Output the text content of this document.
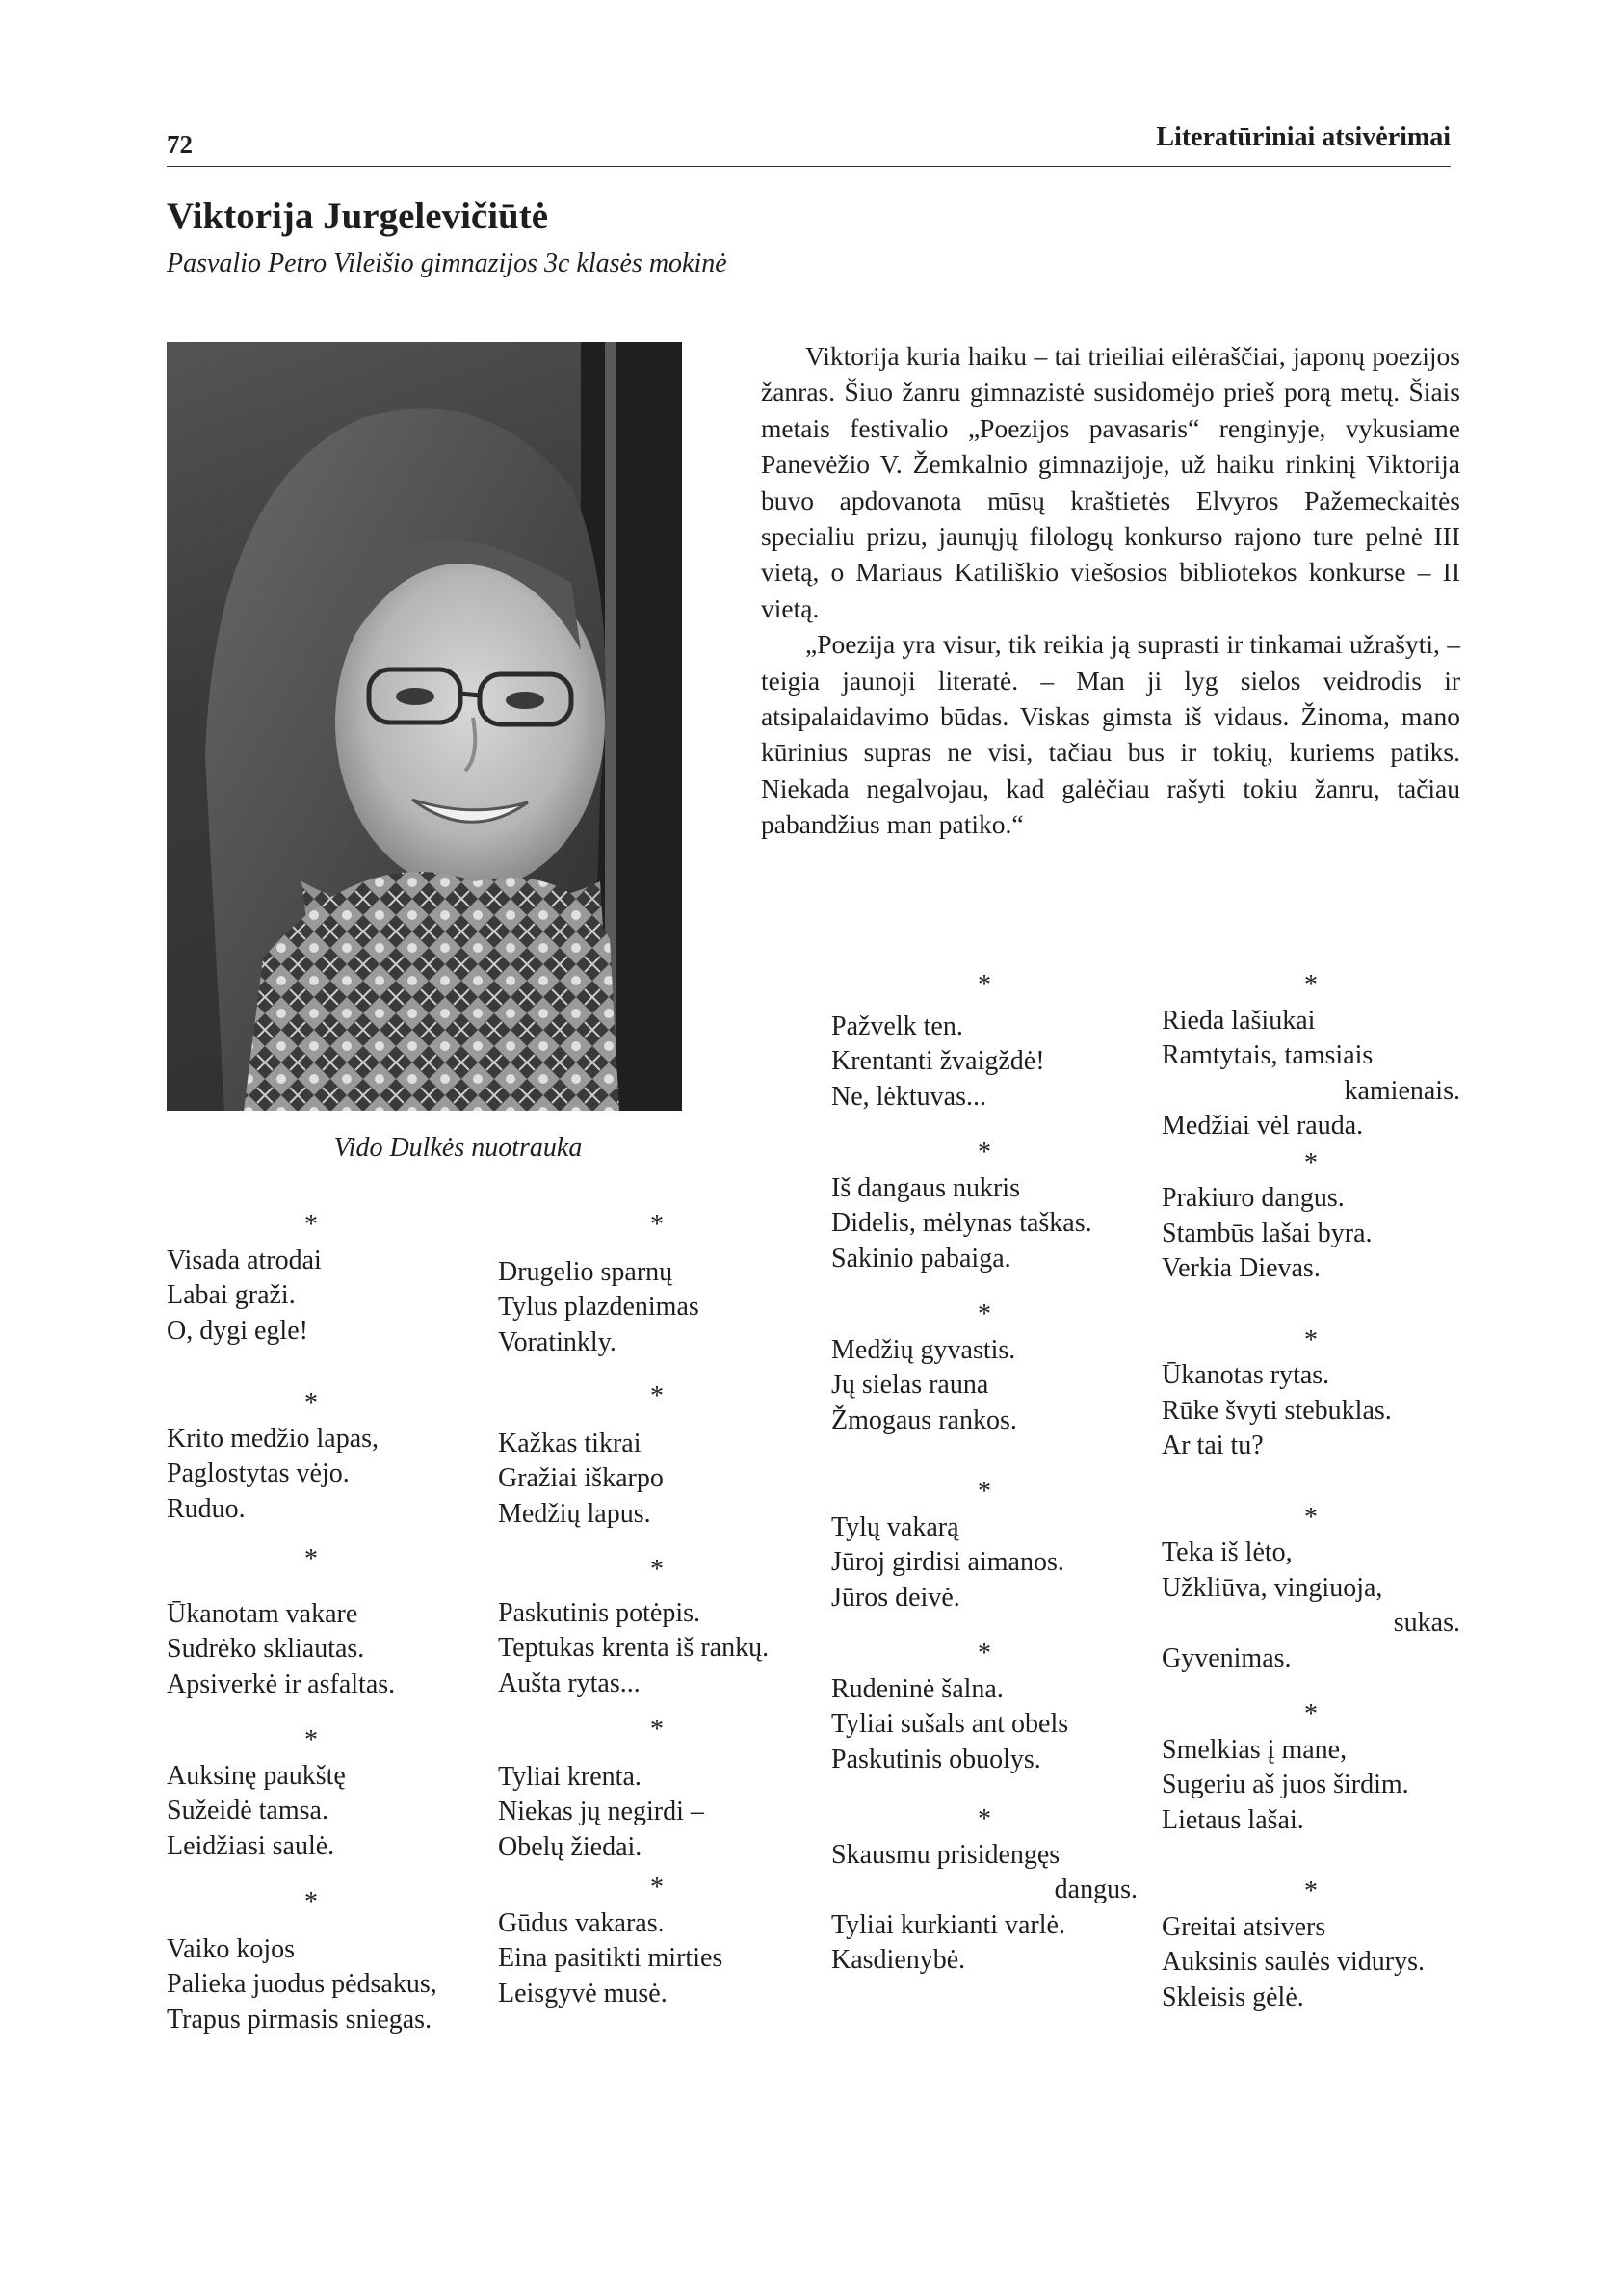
72	Literatūriniai atsivėrimai
Viktorija Jurgelevičiūtė
Pasvalio Petro Vileišio gimnazijos 3c klasės mokinė
Vido Dulkės nuotrauka

Viktorija kuria haiku – tai trieiliai eilėraščiai, japonų poezijos žanras. Šiuo žanru gimnazistė susidomėjo prieš porą metų. Šiais metais festivalio „Poezijos pavasaris“ renginyje, vykusiame Panevėžio V. Žemkalnio gimnazijoje, už haiku rinkinį Viktorija buvo apdovanota mūsų kraštietės Elvyros Pažemeckaitės specialiu prizu, jaunųjų filologų konkurso rajono ture pelnė III vietą, o Mariaus Katiliškio viešosios bibliotekos konkurse – II vietą.

„Poezija yra visur, tik reikia ją suprasti ir tinkamai užrašyti, – teigia jaunoji literatė. – Man ji lyg sielos veidrodis ir atsipalaidavimo būdas. Viskas gimsta iš vidaus. Žinoma, mano kūrinius supras ne visi, tačiau bus ir tokių, kuriems patiks. Niekada negalvojau, kad galėčiau rašyti tokiu žanru, tačiau pabandžius man patiko.“

*
Visada atrodai
Labai graži.
O, dygi egle!
*
Krito medžio lapas,
Paglostytas vėjo.
Ruduo.
*
Ūkanotam vakare
Sudrėko skliautas.
Apsiverkė ir asfaltas.
*
Auksinę paukštę
Sužeidė tamsa.
Leidžiasi saulė.
*
Vaiko kojos
Palieka juodus pėdsakus,
Trapus pirmasis sniegas.
*
Drugelio sparnų
Tylus plazdenimas
Voratinkly.
*
Kažkas tikrai
Gražiai iškarpo
Medžių lapus.
*
Paskutinis potėpis.
Teptukas krenta iš rankų.
Aušta rytas...
*
Tyliai krenta.
Niekas jų negirdi –
Obelų žiedai.
*
Gūdus vakaras.
Eina pasitikti mirties
Leisgyvė musė.
*
Pažvelk ten.
Krentanti žvaigždė!
Ne, lėktuvas...
*
Iš dangaus nukris
Didelis, mėlynas taškas.
Sakinio pabaiga.
*
Medžių gyvastis.
Jų sielas rauna
Žmogaus rankos.
*
Tylų vakarą
Jūroj girdisi aimanos.
Jūros deivė.
*
Rudeninė šalna.
Tyliai sušals ant obels
Paskutinis obuolys.
*
Skausmu prisidengęs
dangus.
Tyliai kurkianti varlė.
Kasdienybė.
*
Rieda lašiukai
Ramtytais, tamsiais
kamienais.
Medžiai vėl rauda.
*
Prakiuro dangus.
Stambūs lašai byra.
Verkia Dievas.
*
Ūkanotas rytas.
Rūke švyti stebuklas.
Ar tai tu?
*
Teka iš lėto,
Užkliūva, vingiuoja,
sukas.
Gyvenimas.
*
Smelkias į mane,
Sugeriu aš juos širdim.
Lietaus lašai.
*
Greitai atsivers
Auksinis saulės vidurys.
Skleisis gėlė.
